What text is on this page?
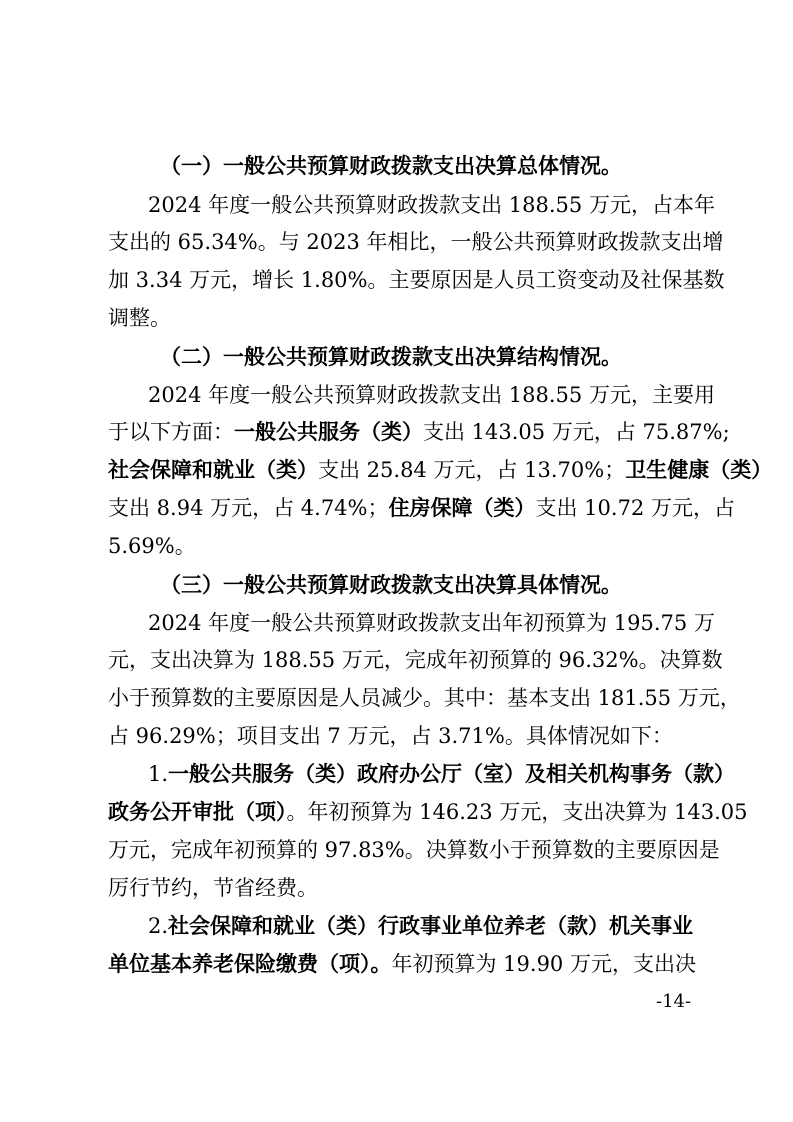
（一）一般公共预算财政拨款支出决算总体情况。
2024 年度一般公共预算财政拨款支出 188.55 万元，占本年
支出的 65.34%。与 2023 年相比，一般公共预算财政拨款支出增
加 3.34 万元，增长 1.80%。主要原因是人员工资变动及社保基数
调整。
（二）一般公共预算财政拨款支出决算结构情况。
2024 年度一般公共预算财政拨款支出 188.55 万元，主要用
于以下方面：一般公共服务（类）支出 143.05 万元，占 75.87%;
社会保障和就业（类）支出 25.84 万元，占 13.70%；卫生健康（类）
支出 8.94 万元，占 4.74%；住房保障（类）支出 10.72 万元，占
5.69%。
（三）一般公共预算财政拨款支出决算具体情况。
2024 年度一般公共预算财政拨款支出年初预算为 195.75 万
元，支出决算为 188.55 万元，完成年初预算的 96.32%。决算数
小于预算数的主要原因是人员减少。其中：基本支出 181.55 万元，
占 96.29%；项目支出 7 万元，占 3.71%。具体情况如下：
1.一般公共服务（类）政府办公厅（室）及相关机构事务（款）
政务公开审批（项）。年初预算为 146.23 万元，支出决算为 143.05
万元，完成年初预算的 97.83%。决算数小于预算数的主要原因是
厉行节约，节省经费。
2.社会保障和就业（类）行政事业单位养老（款）机关事业
单位基本养老保险缴费（项）。年初预算为 19.90 万元，支出决
-14-
